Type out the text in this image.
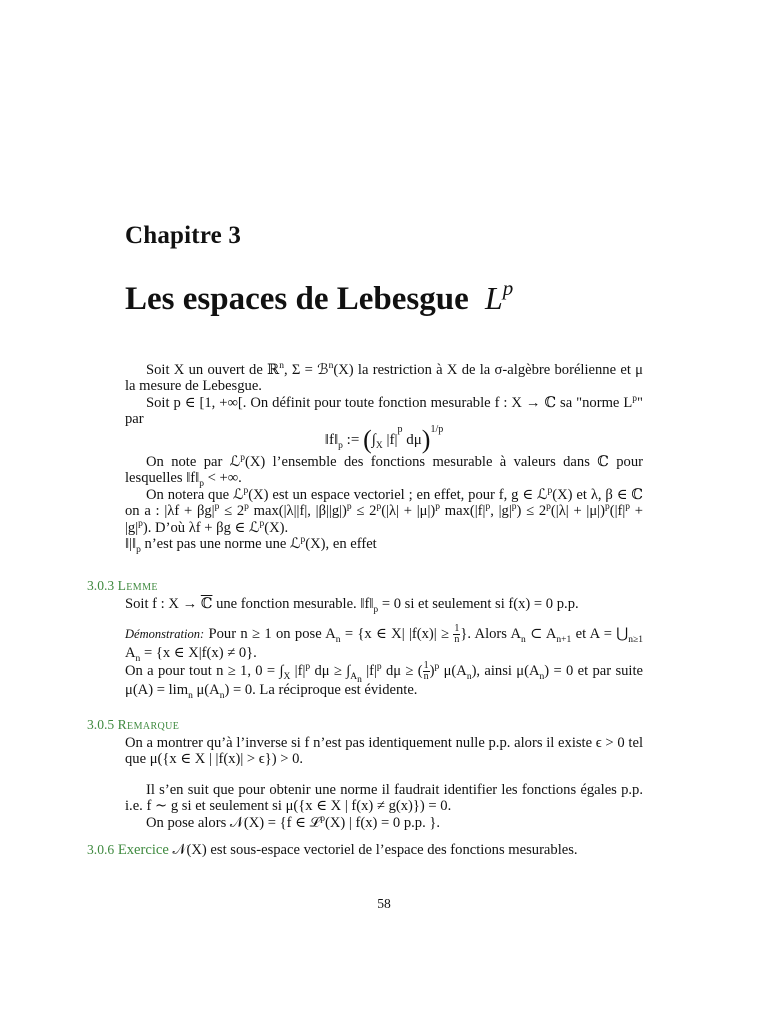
Chapitre 3
Les espaces de Lebesgue $L^p$

Soit X un ouvert de ℝ$^n$, Σ = ℬ$^n$(X) la restriction à X de la σ-algèbre borélienne et μ la mesure de Lebesgue.

Soit p ∈ [1, +∞[. On définit pour toute fonction mesurable f : X → ℂ sa "norme $L^p$" par

$‖f‖_p$ := ($\int_X$ $|f|^p$ dμ)$^{1/p}$

On note par ℒ$^p$(X) l’ensemble des fonctions mesurable à valeurs dans ℂ pour lesquelles $‖f‖_p$ < +∞.

On notera que ℒ$^p$(X) est un espace vectoriel ; en effet, pour f, g ∈ ℒ$^p$(X) et λ, β ∈ ℂ on a : $|\lambda f + \beta g|^p \le 2^p$ max(|λ||f|, $|\beta||g|)^p \le 2^p(|\lambda| + |\mu|)^p$ $\max(|f|^p$, $|g|^p) \le 2^p(|\lambda| + |\mu|)^p(|f|^p + |g|^p)$. D’où λf + βg ∈ ℒ$^p$(X).

$‖|‖_p$ n’est pas une norme une ℒ$^p$(X), en effet

3.0.3 Lemme

Soit f : X → ℂ une fonction mesurable. $‖f‖_p = 0$ si et seulement si f(x) = 0 p.p.

Démonstration: Pour n ≥ 1 on pose $A_n = \{x$ ∈ X| $|f(x)| \ge \frac{1}{n}$ }. Alors $A_n$ ⊂ $A_{n+1}$ et $A = ⋃_{n\ge 1}$ $A_n = \{x$ ∈ X|f(x) ≠ 0}.

On a pour tout n ≥ 1, $0 = \int_X$ $|f|^p$ $d\mu \ge \int_{A_n}$ $|f|^p$ dμ ≥ ( $\frac{1}{n} )^p$ $\mu(A_n)$, ainsi $\mu(A_n) = 0$ et par suite $\mu(A) = \lim_n \mu(A_n) = 0$. La réciproque est évidente.

3.0.5 Remarque

On a montrer qu’à l’inverse si f n’est pas identiquement nulle p.p. alors il existe ϵ > 0 tel que μ({x ∈ X | |f(x)| > ϵ}) > 0.

Il s’en suit que pour obtenir une norme il faudrait identifier les fonctions égales p.p. i.e. f ∼ g si et seulement si μ({x ∈ X | f(x) ≠ g(x)}) = 0.

On pose alors 𝒩(X) = {f ∈ ℒ$^p$(X) | f(x) = 0 p.p. }.

3.0.6 Exercice 𝒩(X) est sous-espace vectoriel de l’espace des fonctions mesurables.

58
